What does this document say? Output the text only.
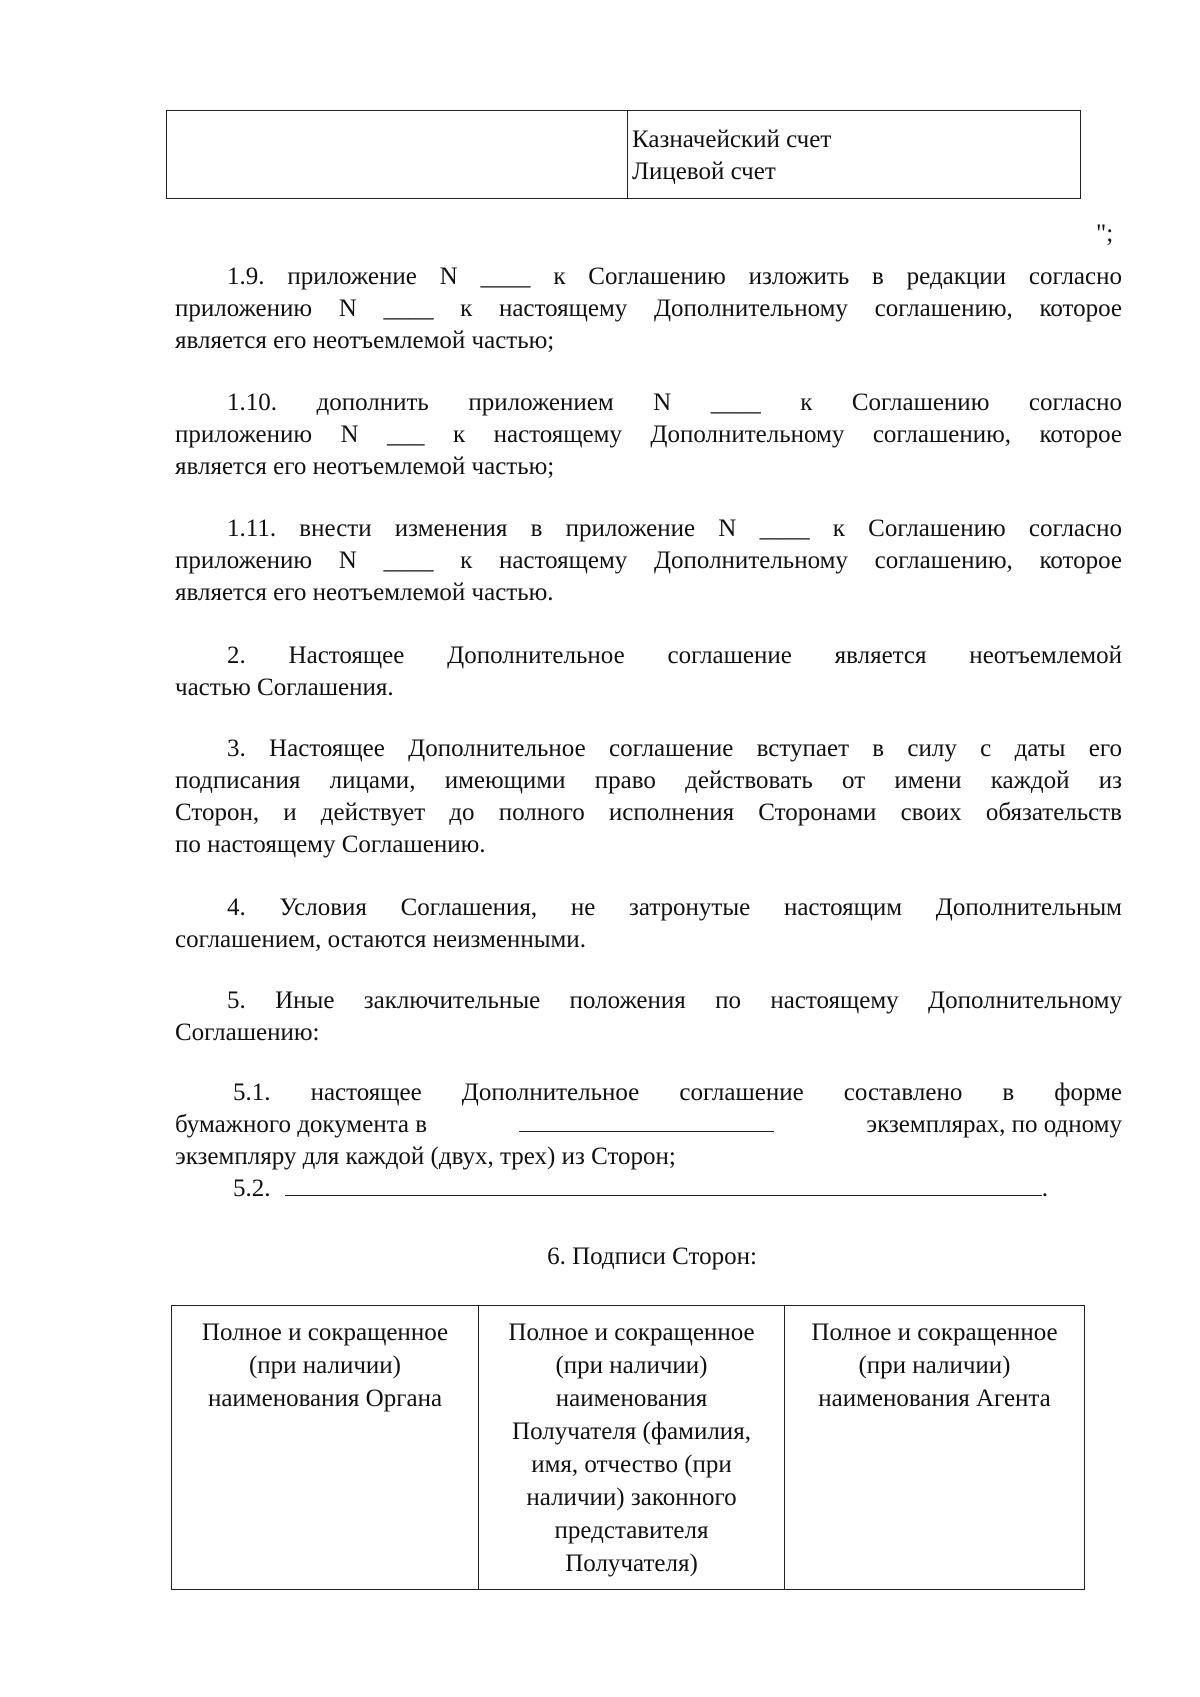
Казначейский счет
Лицевой счет
";
1.9. приложение N ____ к Соглашению изложить в редакции согласно
приложению N ____ к настоящему Дополнительному соглашению, которое
является его неотъемлемой частью;
1.10. дополнить приложением N ____ к Соглашению согласно
приложению N ___ к настоящему Дополнительному соглашению, которое
является его неотъемлемой частью;
1.11. внести изменения в приложение N ____ к Соглашению согласно
приложению N ____ к настоящему Дополнительному соглашению, которое
является его неотъемлемой частью.
2. Настоящее Дополнительное соглашение является неотъемлемой
частью Соглашения.
3. Настоящее Дополнительное соглашение вступает в силу с даты его
подписания лицами, имеющими право действовать от имени каждой из
Сторон, и действует до полного исполнения Сторонами своих обязательств
по настоящему Соглашению.
4. Условия Соглашения, не затронутые настоящим Дополнительным
соглашением, остаются неизменными.
5. Иные заключительные положения по настоящему Дополнительному
Соглашению:
5.1. настоящее Дополнительное соглашение составлено в форме
бумажного документа в	экземплярах, по одному
экземпляру для каждой (двух, трех) из Сторон;
5.2.	.
6. Подписи Сторон:
Полное и сокращенное
(при наличии)
наименования Органа
Полное и сокращенное
(при наличии)
наименования
Получателя (фамилия,
имя, отчество (при
наличии) законного
представителя
Получателя)
Полное и сокращенное
(при наличии)
наименования Агента
